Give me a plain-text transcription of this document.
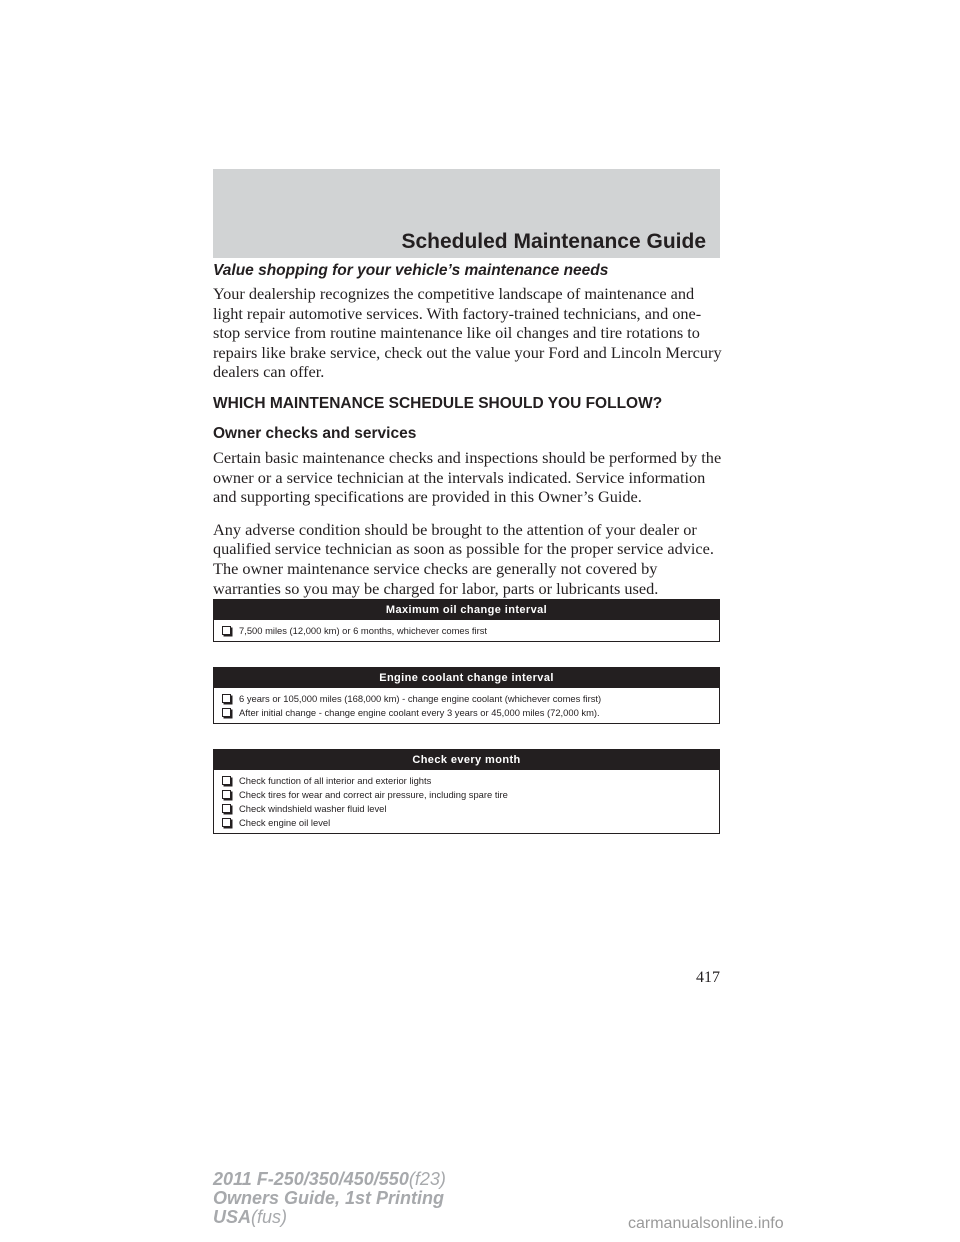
Scheduled Maintenance Guide
Value shopping for your vehicle’s maintenance needs

Your dealership recognizes the competitive landscape of maintenance and light repair automotive services. With factory-trained technicians, and one-stop service from routine maintenance like oil changes and tire rotations to repairs like brake service, check out the value your Ford and Lincoln Mercury dealers can offer.

WHICH MAINTENANCE SCHEDULE SHOULD YOU FOLLOW?
Owner checks and services

Certain basic maintenance checks and inspections should be performed by the owner or a service technician at the intervals indicated. Service information and supporting specifications are provided in this Owner’s Guide.

Any adverse condition should be brought to the attention of your dealer or qualified service technician as soon as possible for the proper service advice. The owner maintenance service checks are generally not covered by warranties so you may be charged for labor, parts or lubricants used.

Maximum oil change interval
7,500 miles (12,000 km) or 6 months, whichever comes first
Engine coolant change interval
6 years or 105,000 miles (168,000 km) - change engine coolant (whichever comes first)
After initial change - change engine coolant every 3 years or 45,000 miles (72,000 km).
Check every month
Check function of all interior and exterior lights
Check tires for wear and correct air pressure, including spare tire
Check windshield washer fluid level
Check engine oil level
417
2011 F-250/350/450/550(f23)
Owners Guide, 1st Printing
USA(fus)	carmanualsonline.info
